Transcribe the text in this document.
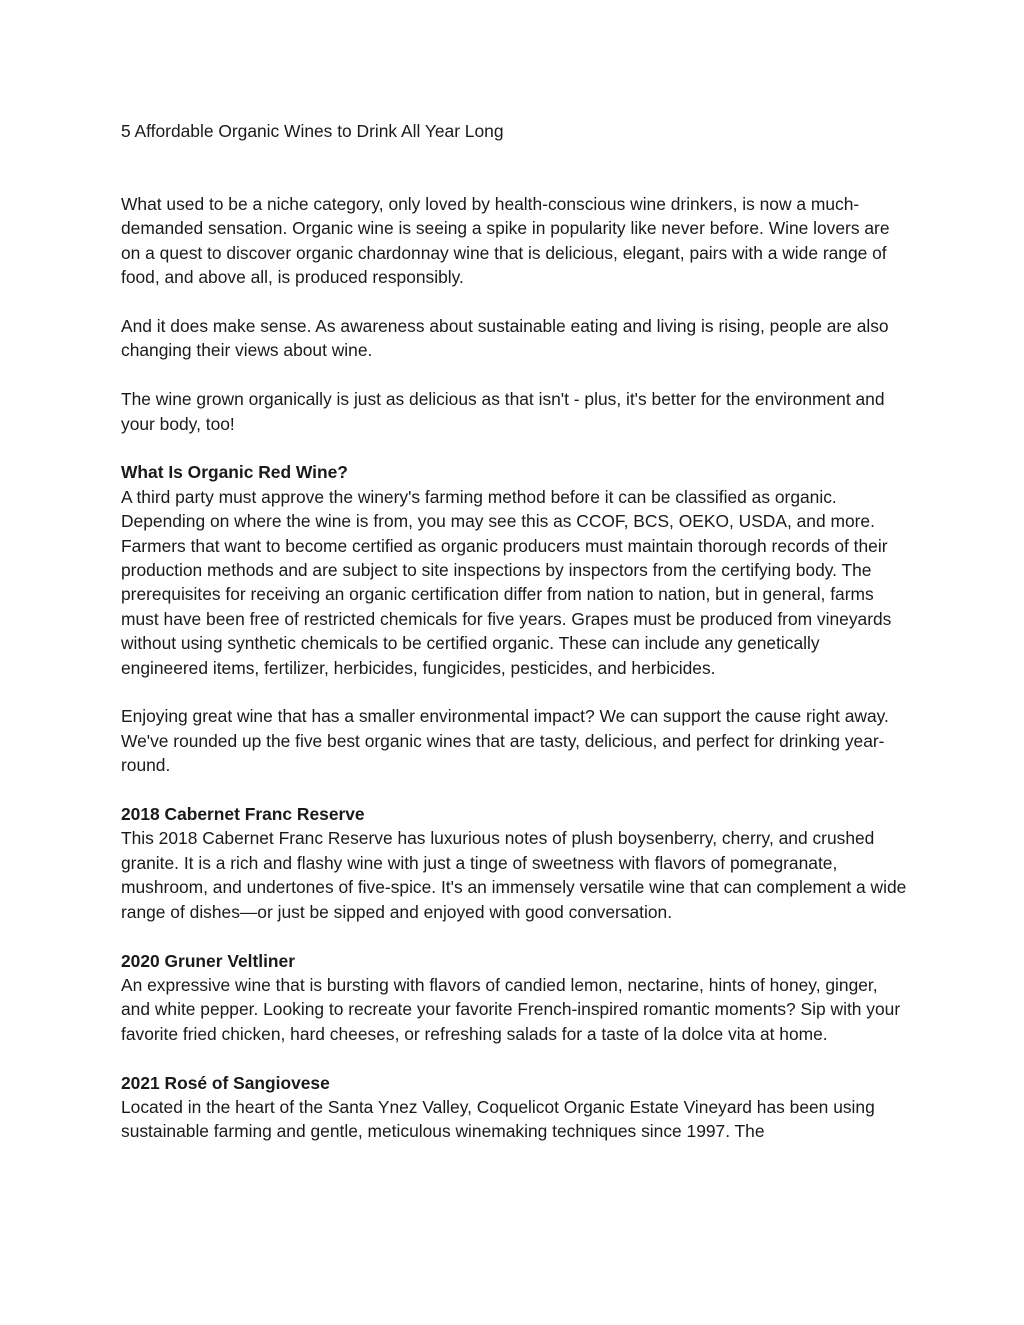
5 Affordable Organic Wines to Drink All Year Long

What used to be a niche category, only loved by health-conscious wine drinkers, is now a much-demanded sensation. Organic wine is seeing a spike in popularity like never before. Wine lovers are on a quest to discover organic chardonnay wine that is delicious, elegant, pairs with a wide range of food, and above all, is produced responsibly.

And it does make sense. As awareness about sustainable eating and living is rising, people are also changing their views about wine.

The wine grown organically is just as delicious as that isn't - plus, it's better for the environment and your body, too!

What Is Organic Red Wine?

A third party must approve the winery's farming method before it can be classified as organic. Depending on where the wine is from, you may see this as CCOF, BCS, OEKO, USDA, and more. Farmers that want to become certified as organic producers must maintain thorough records of their production methods and are subject to site inspections by inspectors from the certifying body. The prerequisites for receiving an organic certification differ from nation to nation, but in general, farms must have been free of restricted chemicals for five years. Grapes must be produced from vineyards without using synthetic chemicals to be certified organic. These can include any genetically engineered items, fertilizer, herbicides, fungicides, pesticides, and herbicides.

Enjoying great wine that has a smaller environmental impact? We can support the cause right away. We've rounded up the five best organic wines that are tasty, delicious, and perfect for drinking year-round.

2018 Cabernet Franc Reserve

This 2018 Cabernet Franc Reserve has luxurious notes of plush boysenberry, cherry, and crushed granite. It is a rich and flashy wine with just a tinge of sweetness with flavors of pomegranate, mushroom, and undertones of five-spice. It's an immensely versatile wine that can complement a wide range of dishes—or just be sipped and enjoyed with good conversation.

2020 Gruner Veltliner

An expressive wine that is bursting with flavors of candied lemon, nectarine, hints of honey, ginger, and white pepper. Looking to recreate your favorite French-inspired romantic moments? Sip with your favorite fried chicken, hard cheeses, or refreshing salads for a taste of la dolce vita at home.

2021 Rosé of Sangiovese

Located in the heart of the Santa Ynez Valley, Coquelicot Organic Estate Vineyard has been using sustainable farming and gentle, meticulous winemaking techniques since 1997. The
